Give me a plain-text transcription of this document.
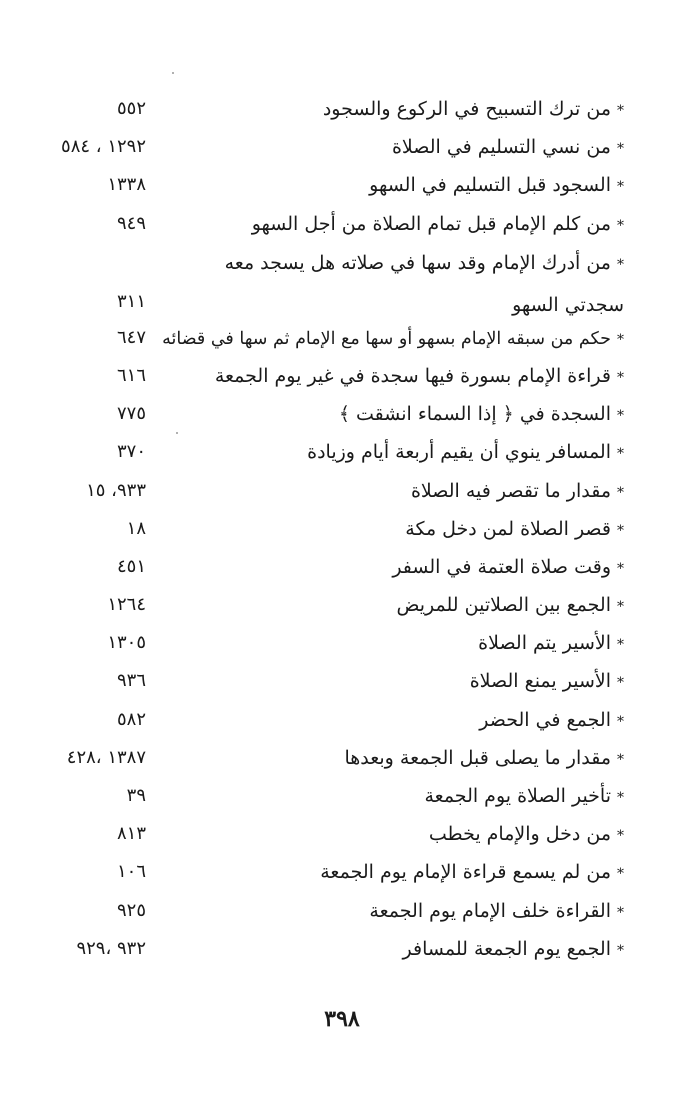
*من ترك التسبيح في الركوع والسجود
٥٥٢
*من نسي التسليم في الصلاة
١٢٩٢ ، ٥٨٤
*السجود قبل التسليم في السهو
١٣٣٨
*من كلم الإمام قبل تمام الصلاة من أجل السهو
٩٤٩
*من أدرك الإمام وقد سها في صلاته هل يسجد معه سجدتي السهو
٣١١
*حكم من سبقه الإمام بسهو أو سها مع الإمام ثم سها في قضائه
٦٤٧
*قراءة الإمام بسورة فيها سجدة في غير يوم الجمعة
٦١٦
*السجدة في ﴿ إذا السماء انشقت ﴾
٧٧٥
*المسافر ينوي أن يقيم أربعة أيام وزيادة
٣٧٠
*مقدار ما تقصر فيه الصلاة
٩٣٣، ١٥
*قصر الصلاة لمن دخل مكة
١٨
*وقت صلاة العتمة في السفر
٤٥١
*الجمع بين الصلاتين للمريض
١٢٦٤
*الأسير يتم الصلاة
١٣٠٥
*الأسير يمنع الصلاة
٩٣٦
*الجمع في الحضر
٥٨٢
*مقدار ما يصلى قبل الجمعة وبعدها
١٣٨٧ ،٤٢٨
*تأخير الصلاة يوم الجمعة
٣٩
*من دخل والإمام يخطب
٨١٣
*من لم يسمع قراءة الإمام يوم الجمعة
١٠٦
*القراءة خلف الإمام يوم الجمعة
٩٢٥
*الجمع يوم الجمعة للمسافر
٩٣٢ ،٩٢٩
٣٩٨
